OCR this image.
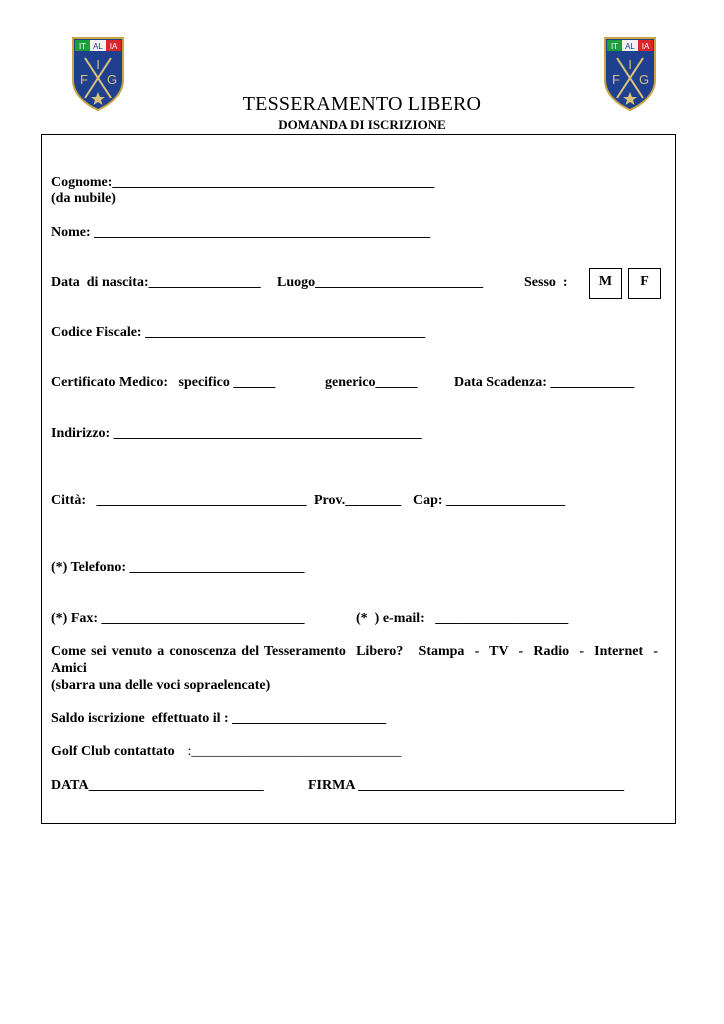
IT AL IA
I
F G
IT AL IA
I
F G
TESSERAMENTO LIBERO
DOMANDA DI ISCRIZIONE
Cognome:______________________________________________
(da nubile)
Nome: ________________________________________________
Data  di nascita:________________ Luogo________________________	Sesso  :	M	F
Codice Fiscale: ________________________________________
Certificato Medico:   specifico ______	generico______	Data Scadenza: ____________
Indirizzo: ____________________________________________
Città:   ______________________________ Prov.________ Cap: _________________
(*) Telefono: _________________________
(*) Fax: _____________________________	(*  ) e-mail:   ___________________
Come sei venuto a conoscenza del Tesseramento  Libero?   Stampa  -  TV  -  Radio  -  Internet  -
Amici
(sbarra una delle voci sopraelencate)
Saldo iscrizione  effettuato il : ______________________
Golf Club contattato :______________________________
DATA_________________________	FIRMA ______________________________________
